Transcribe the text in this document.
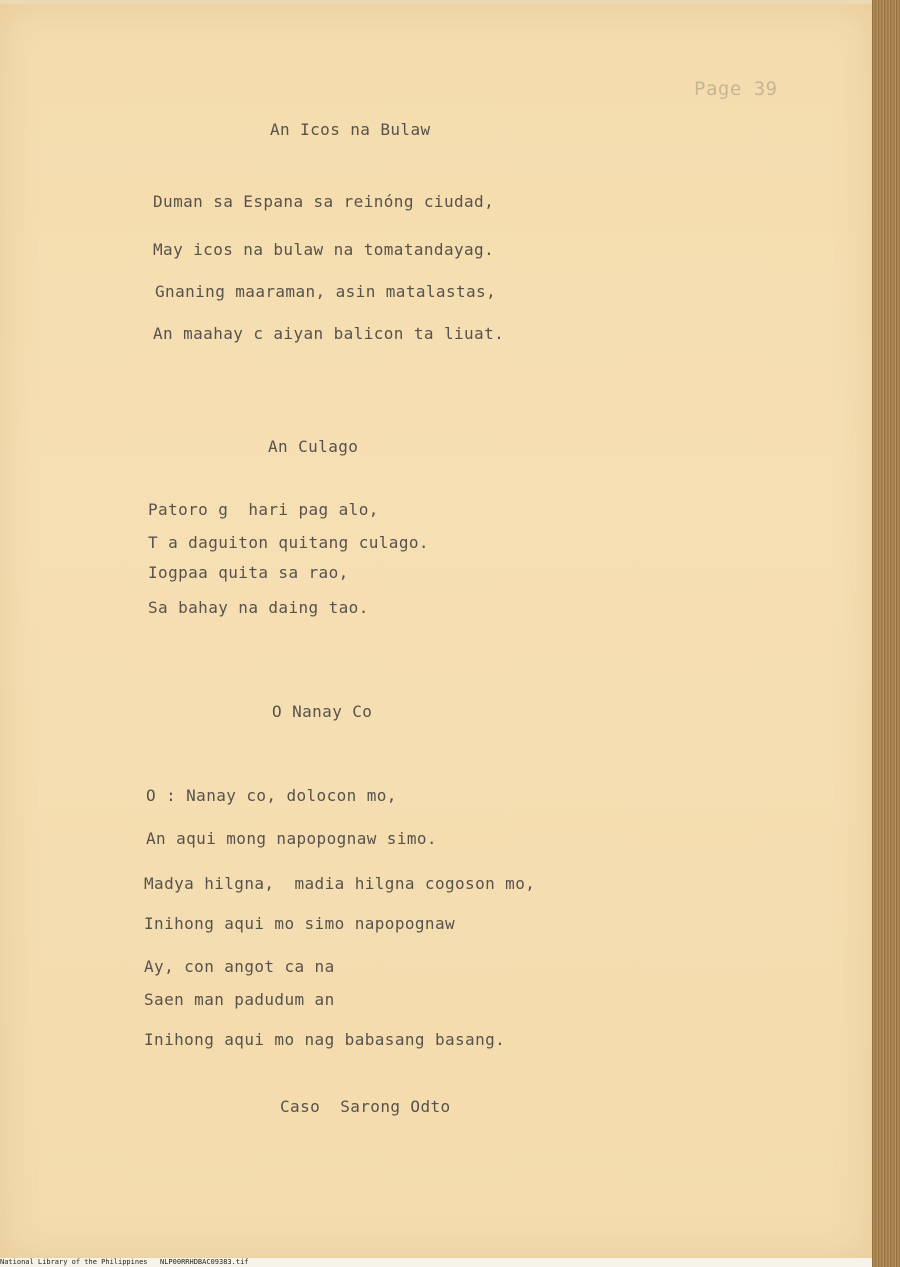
Page 39
An Icos na Bulaw
Duman sa Espana sa reinóng ciudad,
May icos na bulaw na tomatandayag.
Gnaning maaraman, asin matalastas,
An maahay c aiyan balicon ta liuat.
An Culago
Patoro g  hari pag alo,
T a daguiton quitang culago.
Iogpaa quita sa rao,
Sa bahay na daing tao.
O Nanay Co
O : Nanay co, dolocon mo,
An aqui mong napopognaw simo.
Madya hilgna,  madia hilgna cogoson mo,
Inihong aqui mo simo napopognaw
Ay, con angot ca na
Saen man padudum an
Inihong aqui mo nag babasang basang.
Caso  Sarong Odto
National Library of the Philippines NLP00RRHDBAC09383.tif
